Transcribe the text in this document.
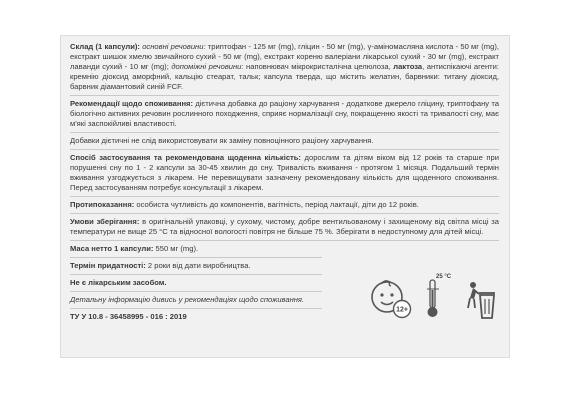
Склад (1 капсули): основні речовини: триптофан - 125 мг (mg), гліцин - 50 мг (mg), γ-аміномасляна кислота - 50 мг (mg), екстракт шишок хмелю звичайного сухий - 50 мг (mg), екстракт кореню валеріани лікарської сухий - 30 мг (mg), екстракт лаванди сухий - 10 мг (mg); допоміжні речовини: наповнювач мікрокристалічна целюлоза, лактоза, антиспікаючі агенти: кремнію діоксид аморфний, кальцію стеарат, тальк; капсула тверда, що містить желатин, барвники: титану діоксид, барвник діамантовий синій FCF.

Рекомендації щодо споживання: дієтична добавка до раціону харчування - додаткове джерело гліцину, триптофану та біологічно активних речовин рослинного походження, сприяє нормалізації сну, покращенню якості та тривалості сну, має м'які заспокійливі властивості.

Добавки дієтичні не слід використовувати як заміну повноцінного раціону харчування.

Спосіб застосування та рекомендована щоденна кількість: дорослим та дітям віком від 12 років та старше при порушенні сну по 1 - 2 капсули за 30-45 хвилин до сну. Тривалість вживання - протягом 1 місяця. Подальший термін вживання узгоджується з лікарем. Не перевищувати зазначену рекомендовану кількість для щоденного споживання. Перед застосуванням потребує консультації з лікарем.

Протипоказання: особиста чутливість до компонентів, вагітність, період лактації, діти до 12 років.

Умови зберігання: в оригінальній упаковці, у сухому, чистому, добре вентильованому і захищеному від світла місці за температури не вище 25 °С та відносної вологості повітря не більше 75 %. Зберігати в недоступному для дітей місці.

Маса нетто 1 капсули: 550 мг (mg).

Термін придатності: 2 роки від дати виробництва.

Не є лікарським засобом.

Детальну інформацію дивись у рекомендаціях щодо споживання.

ТУ У 10.8 - 36458995 - 016 : 2019

12+
25 °C
